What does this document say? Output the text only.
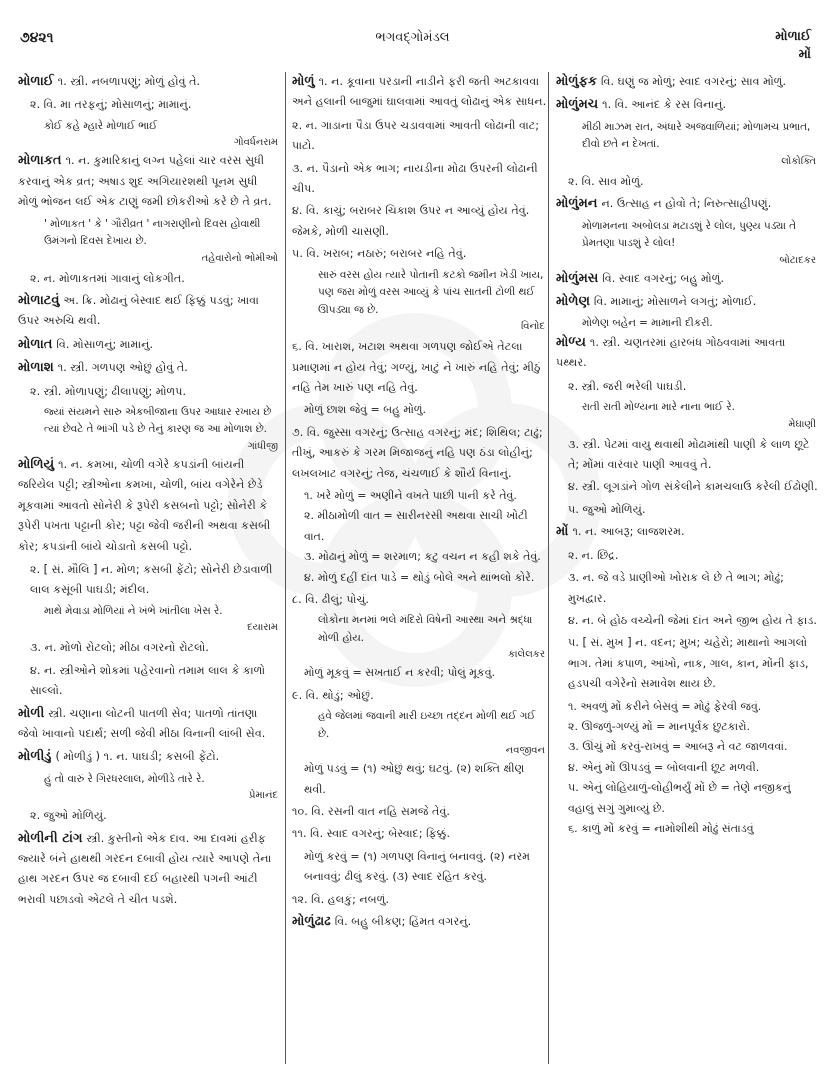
૭૪૨૧	ભગવદ્ગોમંડલ	મોળાઈ
મોં
મોળાઈ ૧. સ્ત્રી. નબળાપણું; મોળું હોવું તે.
૨. વિ. મા તરફનું; મોસાળનું; મામાનું.
કોઈ કહે મ્હારે મોળાઈ ભાઈ
ગોવર્ધનરામ
મોળાકત ૧. ન. કુમારિકાનું લગ્ન પહેલાં ચાર વરસ સુધી કરવાનું એક વ્રત; અષાડ શુદ અગિયારશથી પૂનમ સુધી મોળું ભોજન લઈ એક ટાણું જમી છોકરીઓ કરે છે તે વ્રત.
' મોળાકત ' કે ' ગૌરીવ્રત ' નાગરાણીનો દિવસ હોવાથી ઉમંગનો દિવસ દેખાય છે.
તહેવારોનો ભોમીઓ
૨. ન. મોળાકતમાં ગાવાનું લોકગીત.
મોળાટવું અ. ક્રિ. મોઢાનું બેસ્વાદ થઈ ફિક્કું પડવું; ખાવા ઉપર અરુચિ થવી.
મોળાત વિ. મોસાળનું; મામાનું.
મોળાશ ૧. સ્ત્રી. ગળપણ ઓછું હોવું તે.
૨. સ્ત્રી. મોળાપણું; ઢીલાપણું; મોળપ.
જ્યાં સંયમને સારુ એકબીજાના ઉપર આધાર રખાય છે ત્યાં છેવટે તે ભાંગી પડે છે તેનું કારણ જ આ મોળાશ છે.
ગાંધીજી
મોળિયું ૧. ન. કમખા, ચોળી વગેરે કપડાંની બાંયની જરિયેલ પટ્ટી; સ્ત્રીઓના કમખા, ચોળી, બાંય વગેરેને છેડે મૂકવામાં આવતો સોનેરી કે રૂપેરી કસબનો પટ્ટો; સોનેરી કે રૂપેરી પખતા પટ્ટાની કોર; પટ્ટા જેવી જરીની અથવા કસબી કોર; કપડાંની બાંયે ચોડાતો કસબી પટ્ટો.
૨. [ સં. મૌલિ ] ન. મોળ; કસબી ફેંટો; સોનેરી છેડાવાળી લાલ કસૂંબી પાઘડી; મંદીલ.
માથે મેવાડા મોળિયાં ને ખંભે ખાંતીલા ખેસ રે.
દયારામ
૩. ન. મોળો રોટલો; મીઠા વગરનો રોટલો.
૪. ન. સ્ત્રીઓને શોકમાં પહેરવાનો તમામ લાલ કે કાળો સાલ્લો.
મોળી સ્ત્રી. ચણાના લોટની પાતળી સેવ; પાતળો તાંતણા જેવો ખાવાનો પદાર્થ; સળી જેવી મીઠા વિનાની લાંબી સેવ.
મોળીડું ( મોળીડું ) ૧. ન. પાઘડી; કસબી ફેંટો.
હું તો વારું રે ગિરધરલાલ, મોળીડે તારે રે.
પ્રેમાનંદ
૨. જુઓ મોળિયું.
મોળીની ટાંગ સ્ત્રી. કુસ્તીનો એક દાવ. આ દાવમાં હરીફ જ્યારે બંને હાથથી ગરદન દબાવી હોય ત્યારે આપણે તેના હાથ ગરદન ઉપર જ દબાવી દઈ બહારથી પગની આંટી ભરાવી પછાડવો એટલે તે ચીત પડશે.
મોળું ૧. ન. કૂવાના પરડાની નાડીને ફરી જતી અટકાવવા અને હલાની બાજુમાં ઘાલવામાં આવતું લોઢાનું એક સાધન.
૨. ન. ગાડાના પૈડા ઉપર ચડાવવામાં આવતી લોઢાની વાટ; પાટો.
૩. ન. પૈડાનો એક ભાગ; નાયડીના મોઢા ઉપરની લોઢાની ચીપ.
૪. વિ. કાચું; બરાબર ચિકાશ ઉપર ન આવ્યું હોય તેવું. જેમકે, મોળી ચાસણી.
૫. વિ. ખરાબ; નઠારું; બરાબર નહિ તેવું.
સારું વરસ હોય ત્યારે પોતાની કટકો જમીન ખેડી ખાય, પણ જરા મોળું વરસ આવ્યું કે પાંચ સાતની ટોળી થઈ ઊપડ્યા જ છે.
વિનોદ
૬. વિ. ખારાશ, ખટાશ અથવા ગળપણ જોઈએ તેટલા પ્રમાણમાં ન હોય તેવું; ગળ્યું, ખાટું ને ખારું નહિ તેવું; મીઠું નહિ તેમ ખારું પણ નહિ તેવું.
મોળું છાશ જેવું = બહુ મોળું.
૭. વિ. જુસ્સા વગરનું; ઉત્સાહ વગરનું; મંદ; શિથિલ; ટાઢું; તીખું, આકરું કે ગરમ મિજાજનું નહિ પણ ઠંડા લોહીનું; લખલખાટ વગરનું; તેજ, ચંચળાઈ કે શૌર્ય વિનાનું.
૧. ખરે મોળું = અણીને વખતે પાછી પાની કરે તેવું.
૨. મીઠામોળી વાત = સારીનરસી અથવા સાચી ખોટી વાત.
૩. મોઢાનું મોળું = શરમાળ; કટુ વચન ન કહી શકે તેવું.
૪. મોળું દહીં દાંત પાડે = થોડું બોલે અને થાંભલો કોરે.
૮. વિ. ઢીલું; પોચું.
લોકોના મનમાં ભલે મંદિરો વિષેની આસ્થા અને શ્રદ્ધા મોળી હોય.
કાલેલકર
મોળું મૂકવું = સખતાઈ ન કરવી; પોલું મૂકવું.
૯. વિ. થોડું; ઓછું.
હવે જેલમાં જવાની મારી ઇચ્છા તદ્દન મોળી થઈ ગઈ છે.
નવજીવન
મોળું પડવું = (૧) ઓછું થવું; ઘટવું. (૨) શક્તિ ક્ષીણ થવી.
૧૦. વિ. રસની વાત નહિ સમજે તેવું.
૧૧. વિ. સ્વાદ વગરનું; બેસ્વાદ; ફિક્કું.
મોળું કરવું = (૧) ગળપણ વિનાનું બનાવવું. (૨) નરમ બનાવવું; ઢીલું કરવું. (૩) સ્વાદ રહિત કરવું.
૧૨. વિ. હલકું; નબળું.
મોળુંઢાઢ વિ. બહુ બીકણ; હિંમત વગરનું.
મોળુંફક વિ. ઘણું જ મોળું; સ્વાદ વગરનું; સાવ મોળું.
મોળુંમચ ૧. વિ. આનંદ કે રસ વિનાનું.
મીઠી માઝમ રાત, અંધારે અજવાળિયાં; મોળામચ પ્રભાત, દીવો છતે ન દેખતાં.
લોકોક્તિ
૨. વિ. સાવ મોળું.
મોળુંમન ન. ઉત્સાહ ન હોવો તે; નિરુત્સાહીપણું.
મોળામનના અબોલડા મટાડશું રે લોલ, પુણ્ય પડ્યા તે પ્રેમતણા પાડશું રે લોલ!
બોટાદકર
મોળુંમસ વિ. સ્વાદ વગરનું; બહુ મોળું.
મોળેણ વિ. મામાનું; મોસાળને લગતું; મોળાઈ.
મોળેણ બહેન = મામાની દીકરી.
મોળ્ય ૧. સ્ત્રી. ચણતરમાં હારબંધ ગોઠવવામાં આવતા પથ્થર.
૨. સ્ત્રી. જરી ભરેલી પાઘડી.
રાતી રાતી મોળ્યના મારે નાના ભાઈ રે.
મેઘાણી
૩. સ્ત્રી. પેટમાં વાયુ થવાથી મોઢામાંથી પાણી કે લાળ છૂટે તે; મોંમાં વારંવાર પાણી આવવું તે.
૪. સ્ત્રી. લૂગડાંને ગોળ સંકેલીને કામચલાઉ કરેલી ઈંઢોણી.
૫. જુઓ મોળિયું.
મોં ૧. ન. આબરૂ; લાજશરમ.
૨. ન. છિદ્ર.
૩. ન. જે વડે પ્રાણીઓ ખોરાક લે છે તે ભાગ; મોઢું; મુખદ્વાર.
૪. ન. બે હોઠ વચ્ચેની જેમાં દાંત અને જીભ હોય તે ફાડ.
૫. [ સં. મુખ ] ન. વદન; મુખ; ચહેરો; માથાનો આગલો ભાગ. તેમાં કપાળ, આંખો, નાક, ગાલ, કાન, મોંની ફાડ, હડપચી વગેરેનો સમાવેશ થાય છે.
૧. અવળું મોં કરીને બેસવું = મોઢું ફેરવી જવું.
૨. ઊજળું-ગળ્યું મોં = માનપૂર્વક છુટકારો.
૩. ઊંચું મોં કરવું-રાખવું = આબરૂ ને વટ જાળવવાં.
૪. એનું મોં ઊપડવું = બોલવાની છૂટ મળવી.
૫. એનું લોહિયાળું-લોહીભર્યું મોં છે = તેણે નજીકનું વહાલું સગું ગુમાવ્યું છે.
૬. કાળું મોં કરવું = નામોશીથી મોઢું સંતાડવું
